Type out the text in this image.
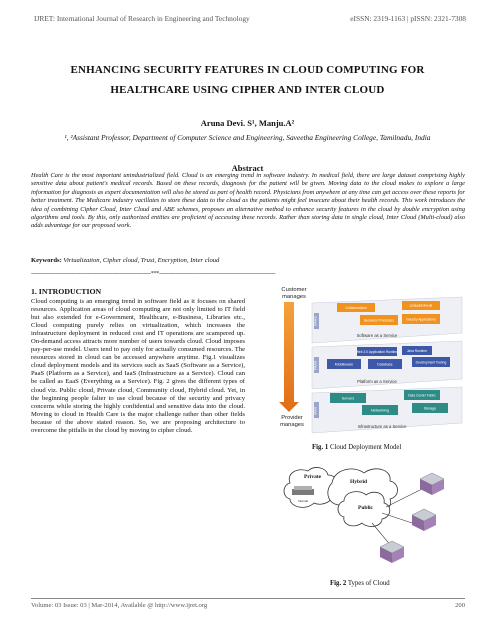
IJRET: International Journal of Research in Engineering and Technology	eISSN: 2319-1163 | pISSN: 2321-7308
ENHANCING SECURITY FEATURES IN CLOUD COMPUTING FOR
HEALTHCARE USING CIPHER AND INTER CLOUD
Aruna Devi. S¹, Manju.A²
¹, ²Assistant Professor, Department of Computer Science and Engineering, Saveetha Engineering College, Tamilnadu, India
Abstract
Health Care is the most important unindustrialized field. Cloud is an emerging trend in software industry. In medical field, there are large dataset comprising highly sensitive data about patient's medical records. Based on these records, diagnosis for the patient will be given. Moving data to the cloud makes to explore a large information for diagnosis as expert documentation will also be stored as part of health record. Physicians from anywhere at any time can get access over these reports for better treatment. The Medicare industry vacillates to store these data to the cloud as the patients might feel insecure about their health records. This work introduces the idea of combining Cipher Cloud, Inter Cloud and ABE schemes, proposes an alternative method to enhance security features in the cloud by double encryption using algorithms and tools. By this, only authorized entities are proficient of accessing these records. Rather than storing data in single cloud, Inter Cloud (Multi-cloud) also adds advantage for our proposed work.
Keywords: Virtualization, Cipher cloud, Trust, Encryption, Inter cloud
--------------------------------------------------------------------***------------------------------------------------------------------
1. INTRODUCTION
Cloud computing is an emerging trend in software field as it focuses on shared resources. Application areas of cloud computing are not only limited to IT field but also extended for e-Government, Healthcare, e-Business, Libraries etc., Cloud computing purely relies on virtualization, which increases the infrastructure deployment in reduced cost and IT operations are scampered up. On-demand access attracts more number of users towards cloud. Cloud imposes pay-per-use model. Users tend to pay only for actually consumed resources. The resources stored in cloud can be accessed anywhere anytime. Fig.1 visualizes cloud deployment models and its services such as SaaS (Software as a Service), PaaS (Platform as a Service), and IaaS (Infrastructure as a Service). Cloud can be called as EaaS (Everything as a Service). Fig. 2 gives the different types of cloud viz. Public cloud, Private cloud, Community cloud, Hybrid cloud. Yet, in the beginning people falter to use cloud because of the security and privacy concerns while storing the highly confidential and sensitive data into the cloud. Moving to cloud in Health Care is the major challenge rather than other fields because of the above stated reason. So, we are proposing architecture to overcome the pitfalls in the cloud by moving to cipher cloud.
Customer
manages
Provider
manages
SAAS
Collaboration	CRM/ERP/HR
Industry Applications
Business Processes
Software as a Service
PAAS
Web 2.0 Application Runtime	Java Runtime
Middleware	Database	Development Tooling
Platform as a Service
IAAS
Servers
Data Center Fabric
Networking	Storage
Infrastructure as a Service
Fig. 1 Cloud Deployment Model
Private
Hybrid
Public
Internal
Fig. 2 Types of Cloud
Volume: 03 Issue: 03 | Mar-2014, Available @ http://www.ijret.org	200
